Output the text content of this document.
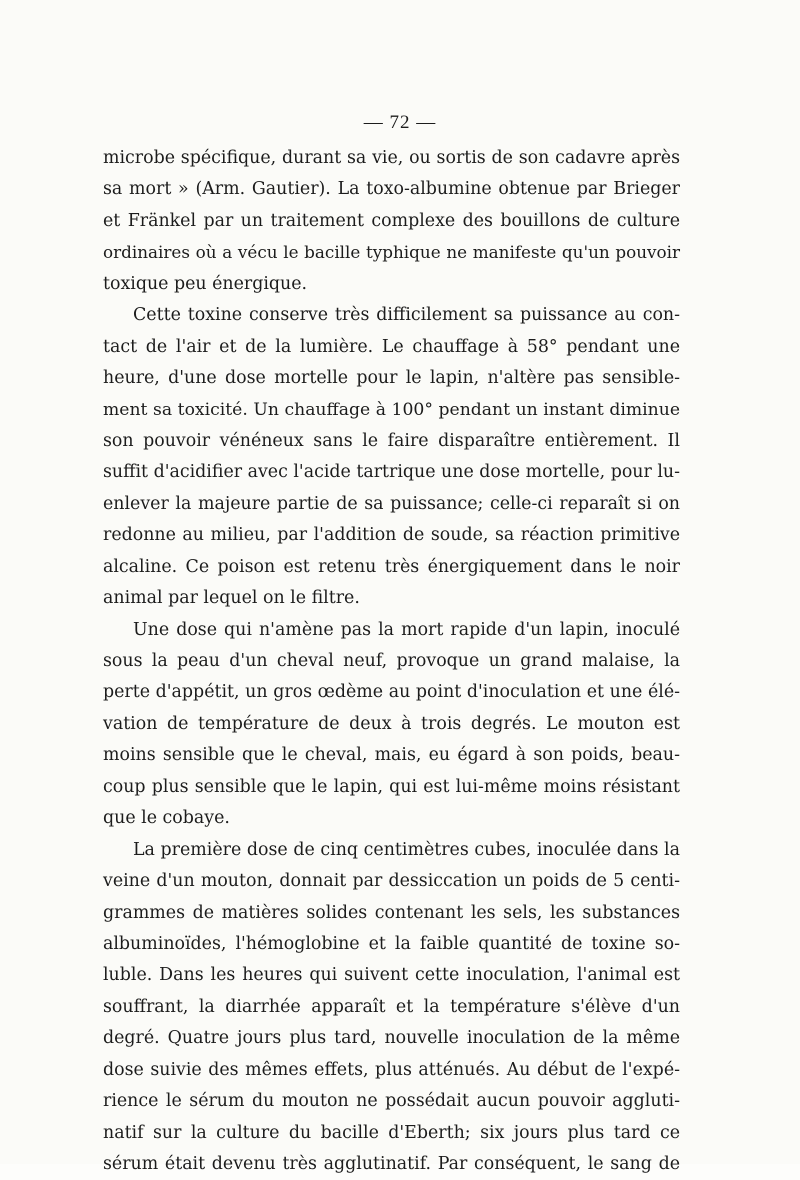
— 72 —
microbe spécifique, durant sa vie, ou sortis de son cadavre après
sa mort » (Arm. Gautier). La toxo-albumine obtenue par Brieger
et Fränkel par un traitement complexe des bouillons de culture
ordinaires où a vécu le bacille typhique ne manifeste qu'un pouvoir
toxique peu énergique.
Cette toxine conserve très difficilement sa puissance au con-
tact de l'air et de la lumière. Le chauffage à 58° pendant une
heure, d'une dose mortelle pour le lapin, n'altère pas sensible-
ment sa toxicité. Un chauffage à 100° pendant un instant diminue
son pouvoir vénéneux sans le faire disparaître entièrement. Il
suffit d'acidifier avec l'acide tartrique une dose mortelle, pour lu-
enlever la majeure partie de sa puissance; celle-ci reparaît si on
redonne au milieu, par l'addition de soude, sa réaction primitive
alcaline. Ce poison est retenu très énergiquement dans le noir
animal par lequel on le filtre.
Une dose qui n'amène pas la mort rapide d'un lapin, inoculé
sous la peau d'un cheval neuf, provoque un grand malaise, la
perte d'appétit, un gros œdème au point d'inoculation et une élé-
vation de température de deux à trois degrés. Le mouton est
moins sensible que le cheval, mais, eu égard à son poids, beau-
coup plus sensible que le lapin, qui est lui-même moins résistant
que le cobaye.
La première dose de cinq centimètres cubes, inoculée dans la
veine d'un mouton, donnait par dessiccation un poids de 5 centi-
grammes de matières solides contenant les sels, les substances
albuminoïdes, l'hémoglobine et la faible quantité de toxine so-
luble. Dans les heures qui suivent cette inoculation, l'animal est
souffrant, la diarrhée apparaît et la température s'élève d'un
degré. Quatre jours plus tard, nouvelle inoculation de la même
dose suivie des mêmes effets, plus atténués. Au début de l'expé-
rience le sérum du mouton ne possédait aucun pouvoir aggluti-
natif sur la culture du bacille d'Eberth; six jours plus tard ce
sérum était devenu très agglutinatif. Par conséquent, le sang de
